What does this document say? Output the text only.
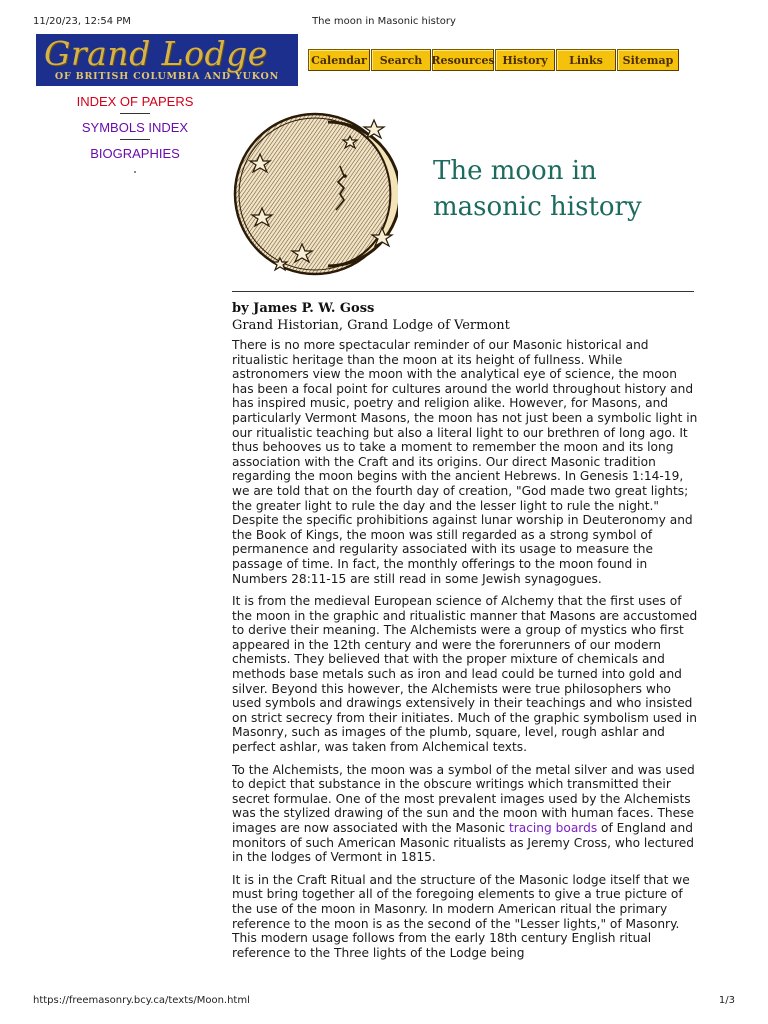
11/20/23, 12:54 PM	The moon in Masonic history
Grand Lodge
OF BRITISH COLUMBIA AND YUKON
Calendar	Search Resources History	Links	Sitemap
INDEX OF PAPERS
SYMBOLS INDEX
BIOGRAPHIES
The moon in
masonic history
by James P. W. Goss
Grand Historian, Grand Lodge of Vermont

There is no more spectacular reminder of our Masonic historical and ritualistic heritage than the moon at its height of fullness. While astronomers view the moon with the analytical eye of science, the moon has been a focal point for cultures around the world throughout history and has inspired music, poetry and religion alike. However, for Masons, and particularly Vermont Masons, the moon has not just been a symbolic light in our ritualistic teaching but also a literal light to our brethren of long ago. It thus behooves us to take a moment to remember the moon and its long association with the Craft and its origins. Our direct Masonic tradition regarding the moon begins with the ancient Hebrews. In Genesis 1:14-19, we are told that on the fourth day of creation, "God made two great lights; the greater light to rule the day and the lesser light to rule the night." Despite the specific prohibitions against lunar worship in Deuteronomy and the Book of Kings, the moon was still regarded as a strong symbol of permanence and regularity associated with its usage to measure the passage of time. In fact, the monthly offerings to the moon found in Numbers 28:11-15 are still read in some Jewish synagogues.

It is from the medieval European science of Alchemy that the first uses of the moon in the graphic and ritualistic manner that Masons are accustomed to derive their meaning. The Alchemists were a group of mystics who first appeared in the 12th century and were the forerunners of our modern chemists. They believed that with the proper mixture of chemicals and methods base metals such as iron and lead could be turned into gold and silver. Beyond this however, the Alchemists were true philosophers who used symbols and drawings extensively in their teachings and who insisted on strict secrecy from their initiates. Much of the graphic symbolism used in Masonry, such as images of the plumb, square, level, rough ashlar and perfect ashlar, was taken from Alchemical texts.

To the Alchemists, the moon was a symbol of the metal silver and was used to depict that substance in the obscure writings which transmitted their secret formulae. One of the most prevalent images used by the Alchemists was the stylized drawing of the sun and the moon with human faces. These images are now associated with the Masonic tracing boards of England and monitors of such American Masonic ritualists as Jeremy Cross, who lectured in the lodges of Vermont in 1815.

It is in the Craft Ritual and the structure of the Masonic lodge itself that we must bring together all of the foregoing elements to give a true picture of the use of the moon in Masonry. In modern American ritual the primary reference to the moon is as the second of the "Lesser lights," of Masonry. This modern usage follows from the early 18th century English ritual reference to the Three lights of the Lodge being

https://freemasonry.bcy.ca/texts/Moon.html	1/3
